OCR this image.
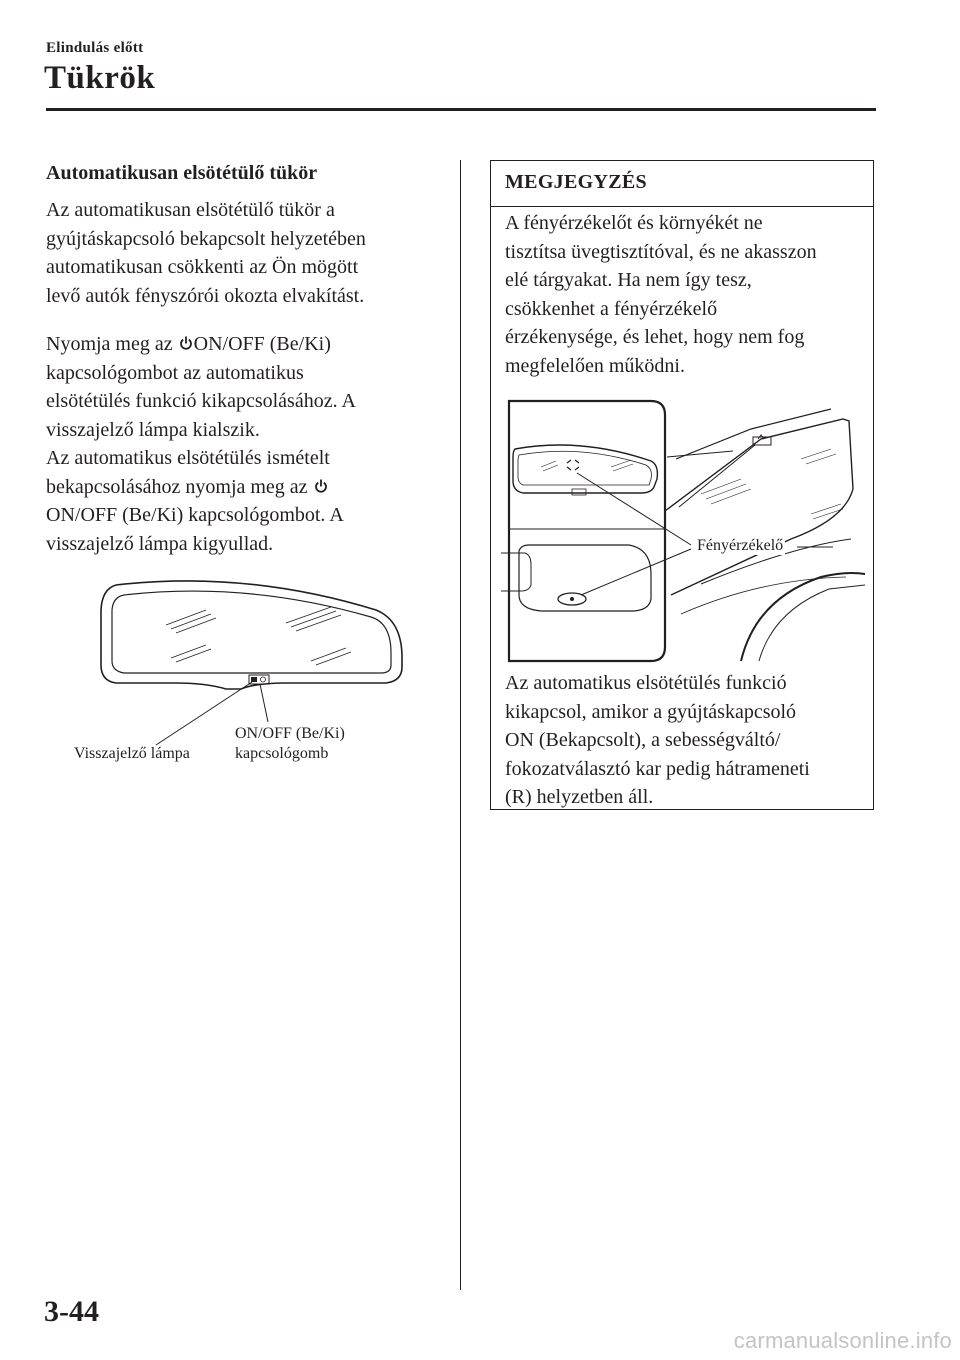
Elindulás előtt
Tükrök
Automatikusan elsötétülő tükör

Az automatikusan elsötétülő tükör a
gyújtáskapcsoló bekapcsolt helyzetében
automatikusan csökkenti az Ön mögött
levő autók fényszórói okozta elvakítást.

Nyomja meg az ON/OFF (Be/Ki)
kapcsológombot az automatikus
elsötétülés funkció kikapcsolásához. A
visszajelző lámpa kialszik.
Az automatikus elsötétülés ismételt
bekapcsolásához nyomja meg az
ON/OFF (Be/Ki) kapcsológombot. A
visszajelző lámpa kigyullad.

Visszajelző lámpa
ON/OFF (Be/Ki)
kapcsológomb
MEGJEGYZÉS
A fényérzékelőt és környékét ne
tisztítsa üvegtisztítóval, és ne akasszon
elé tárgyakat. Ha nem így tesz,
csökkenhet a fényérzékelő
érzékenysége, és lehet, hogy nem fog
megfelelően működni.
Fényérzékelő
Az automatikus elsötétülés funkció
kikapcsol, amikor a gyújtáskapcsoló
ON (Bekapcsolt), a sebességváltó/
fokozatválasztó kar pedig hátrameneti
(R) helyzetben áll.
3-44
carmanualsonline.info
